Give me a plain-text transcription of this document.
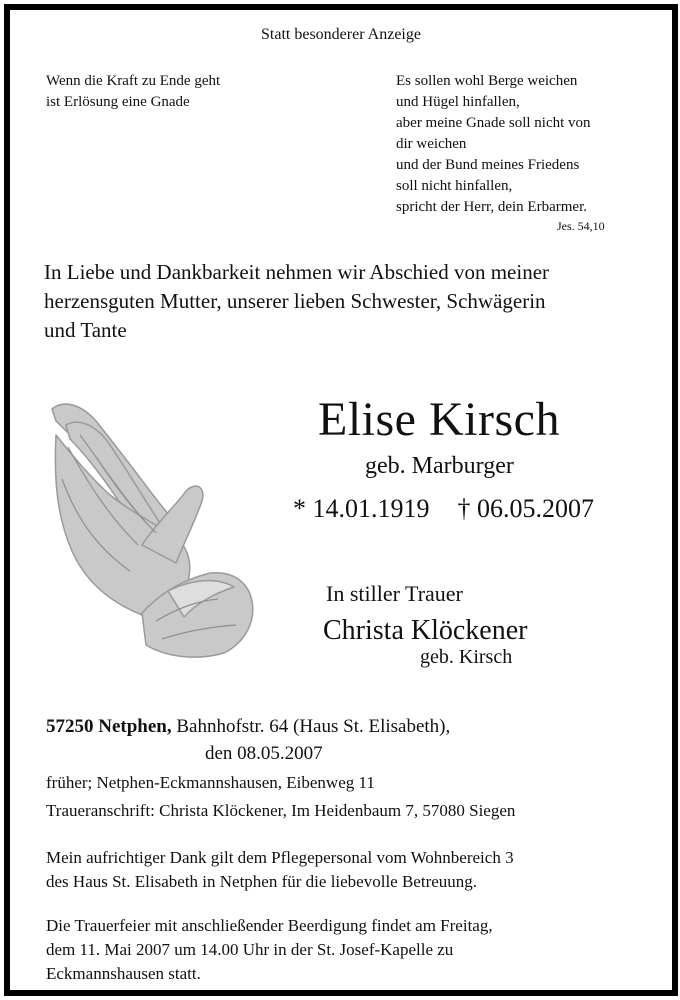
Statt besonderer Anzeige
Wenn die Kraft zu Ende geht
ist Erlösung eine Gnade
Es sollen wohl Berge weichen
und Hügel hinfallen,
aber meine Gnade soll nicht von
dir weichen
und der Bund meines Friedens
soll nicht hinfallen,
spricht der Herr, dein Erbarmer.
Jes. 54,10
In Liebe und Dankbarkeit nehmen wir Abschied von meiner
herzensguten Mutter, unserer lieben Schwester, Schwägerin
und Tante
Elise Kirsch
geb. Marburger
* 14.01.1919 † 06.05.2007
In stiller Trauer
Christa Klöckener
geb. Kirsch
57250 Netphen, Bahnhofstr. 64 (Haus St. Elisabeth),
den 08.05.2007
früher; Netphen-Eckmannshausen, Eibenweg 11
Traueranschrift: Christa Klöckener, Im Heidenbaum 7, 57080 Siegen
Mein aufrichtiger Dank gilt dem Pflegepersonal vom Wohnbereich 3
des Haus St. Elisabeth in Netphen für die liebevolle Betreuung.
Die Trauerfeier mit anschließender Beerdigung findet am Freitag,
dem 11. Mai 2007 um 14.00 Uhr in der St. Josef-Kapelle zu
Eckmannshausen statt.
